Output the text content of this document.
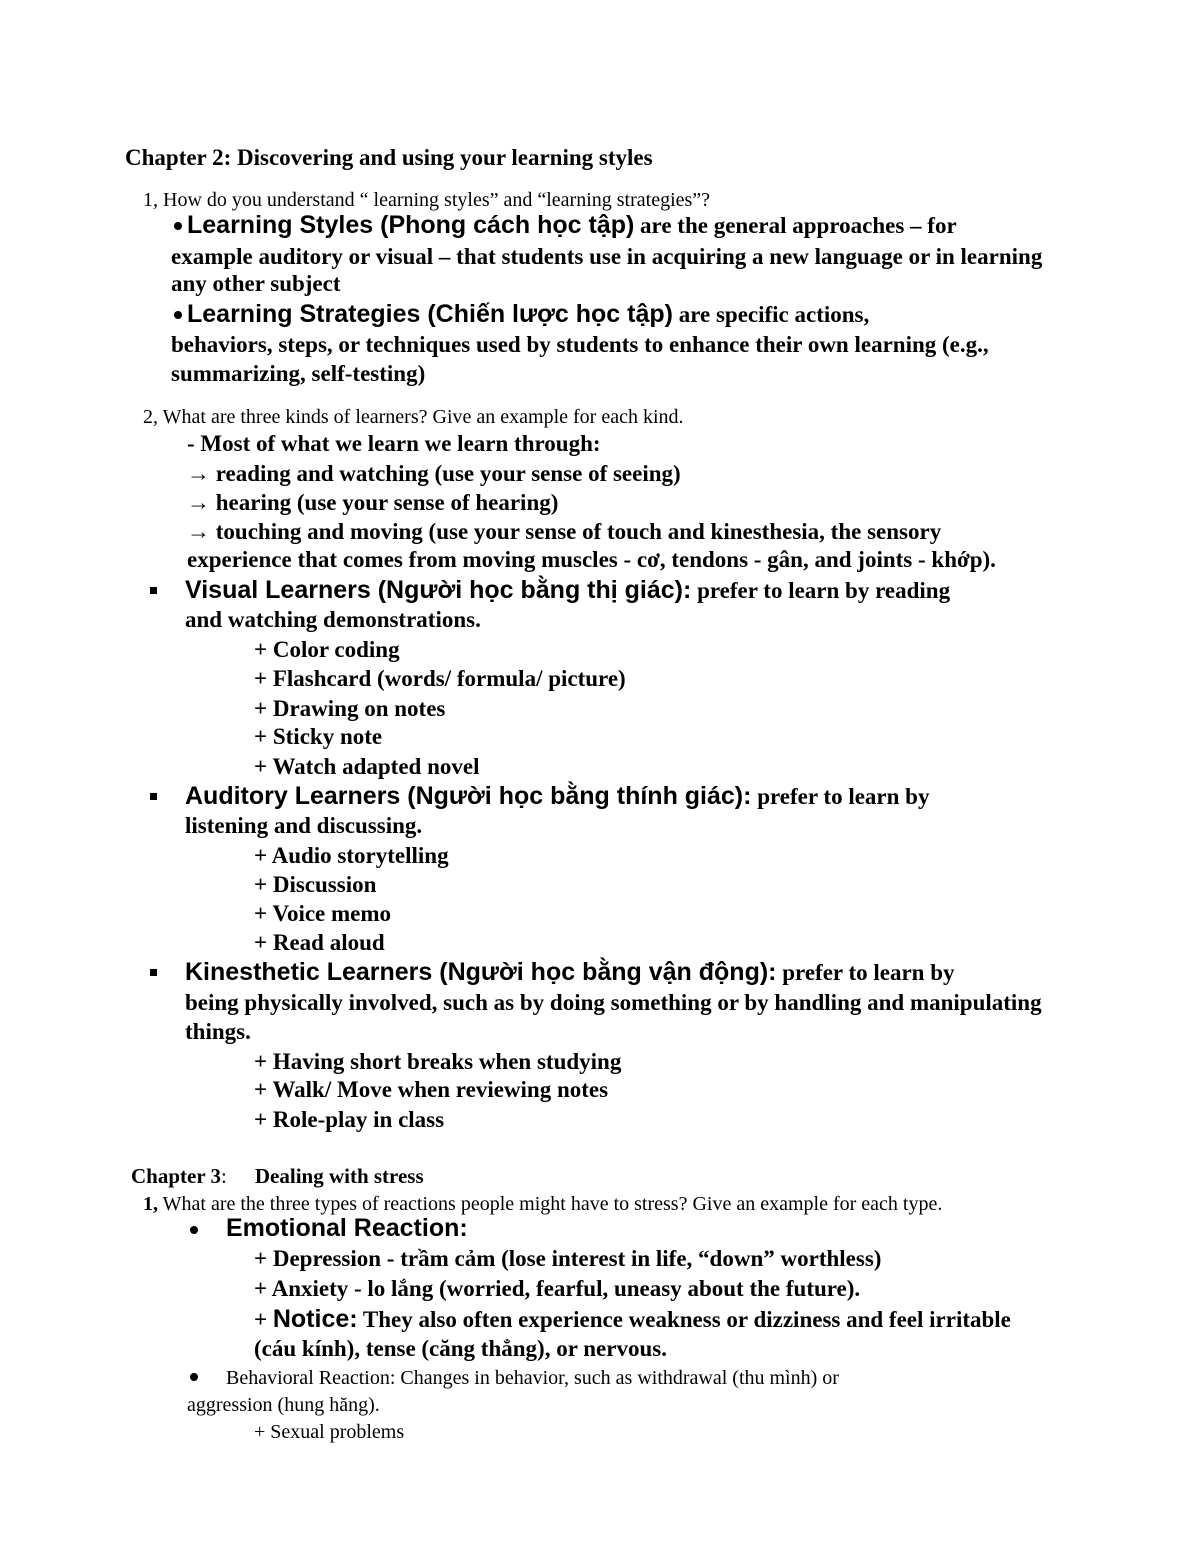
Chapter 2: Discovering and using your learning styles
1, How do you understand “ learning styles” and “learning strategies”?
Learning Styles (Phong cách học tập) are the general approaches – for
example auditory or visual – that students use in acquiring a new language or in learning
any other subject
Learning Strategies (Chiến lược học tập) are specific actions,
behaviors, steps, or techniques used by students to enhance their own learning (e.g.,
summarizing, self-testing)
2, What are three kinds of learners? Give an example for each kind.
- Most of what we learn we learn through:
→ reading and watching (use your sense of seeing)
→ hearing (use your sense of hearing)
→ touching and moving (use your sense of touch and kinesthesia, the sensory
experience that comes from moving muscles - cơ, tendons - gân, and joints - khớp).
Visual Learners (Người học bằng thị giác): prefer to learn by reading
and watching demonstrations.
+ Color coding
+ Flashcard (words/ formula/ picture)
+ Drawing on notes
+ Sticky note
+ Watch adapted novel
Auditory Learners (Người học bằng thính giác): prefer to learn by
listening and discussing.
+ Audio storytelling
+ Discussion
+ Voice memo
+ Read aloud
Kinesthetic Learners (Người học bằng vận động): prefer to learn by
being physically involved, such as by doing something or by handling and manipulating
things.
+ Having short breaks when studying
+ Walk/ Move when reviewing notes
+ Role-play in class
Chapter 3: Dealing with stress
1, What are the three types of reactions people might have to stress? Give an example for each type.
Emotional Reaction:
+ Depression - trầm cảm (lose interest in life, “down” worthless)
+ Anxiety - lo lắng (worried, fearful, uneasy about the future).
+ Notice: They also often experience weakness or dizziness and feel irritable
(cáu kính), tense (căng thẳng), or nervous.
Behavioral Reaction: Changes in behavior, such as withdrawal (thu mình) or
aggression (hung hăng).
+ Sexual problems
